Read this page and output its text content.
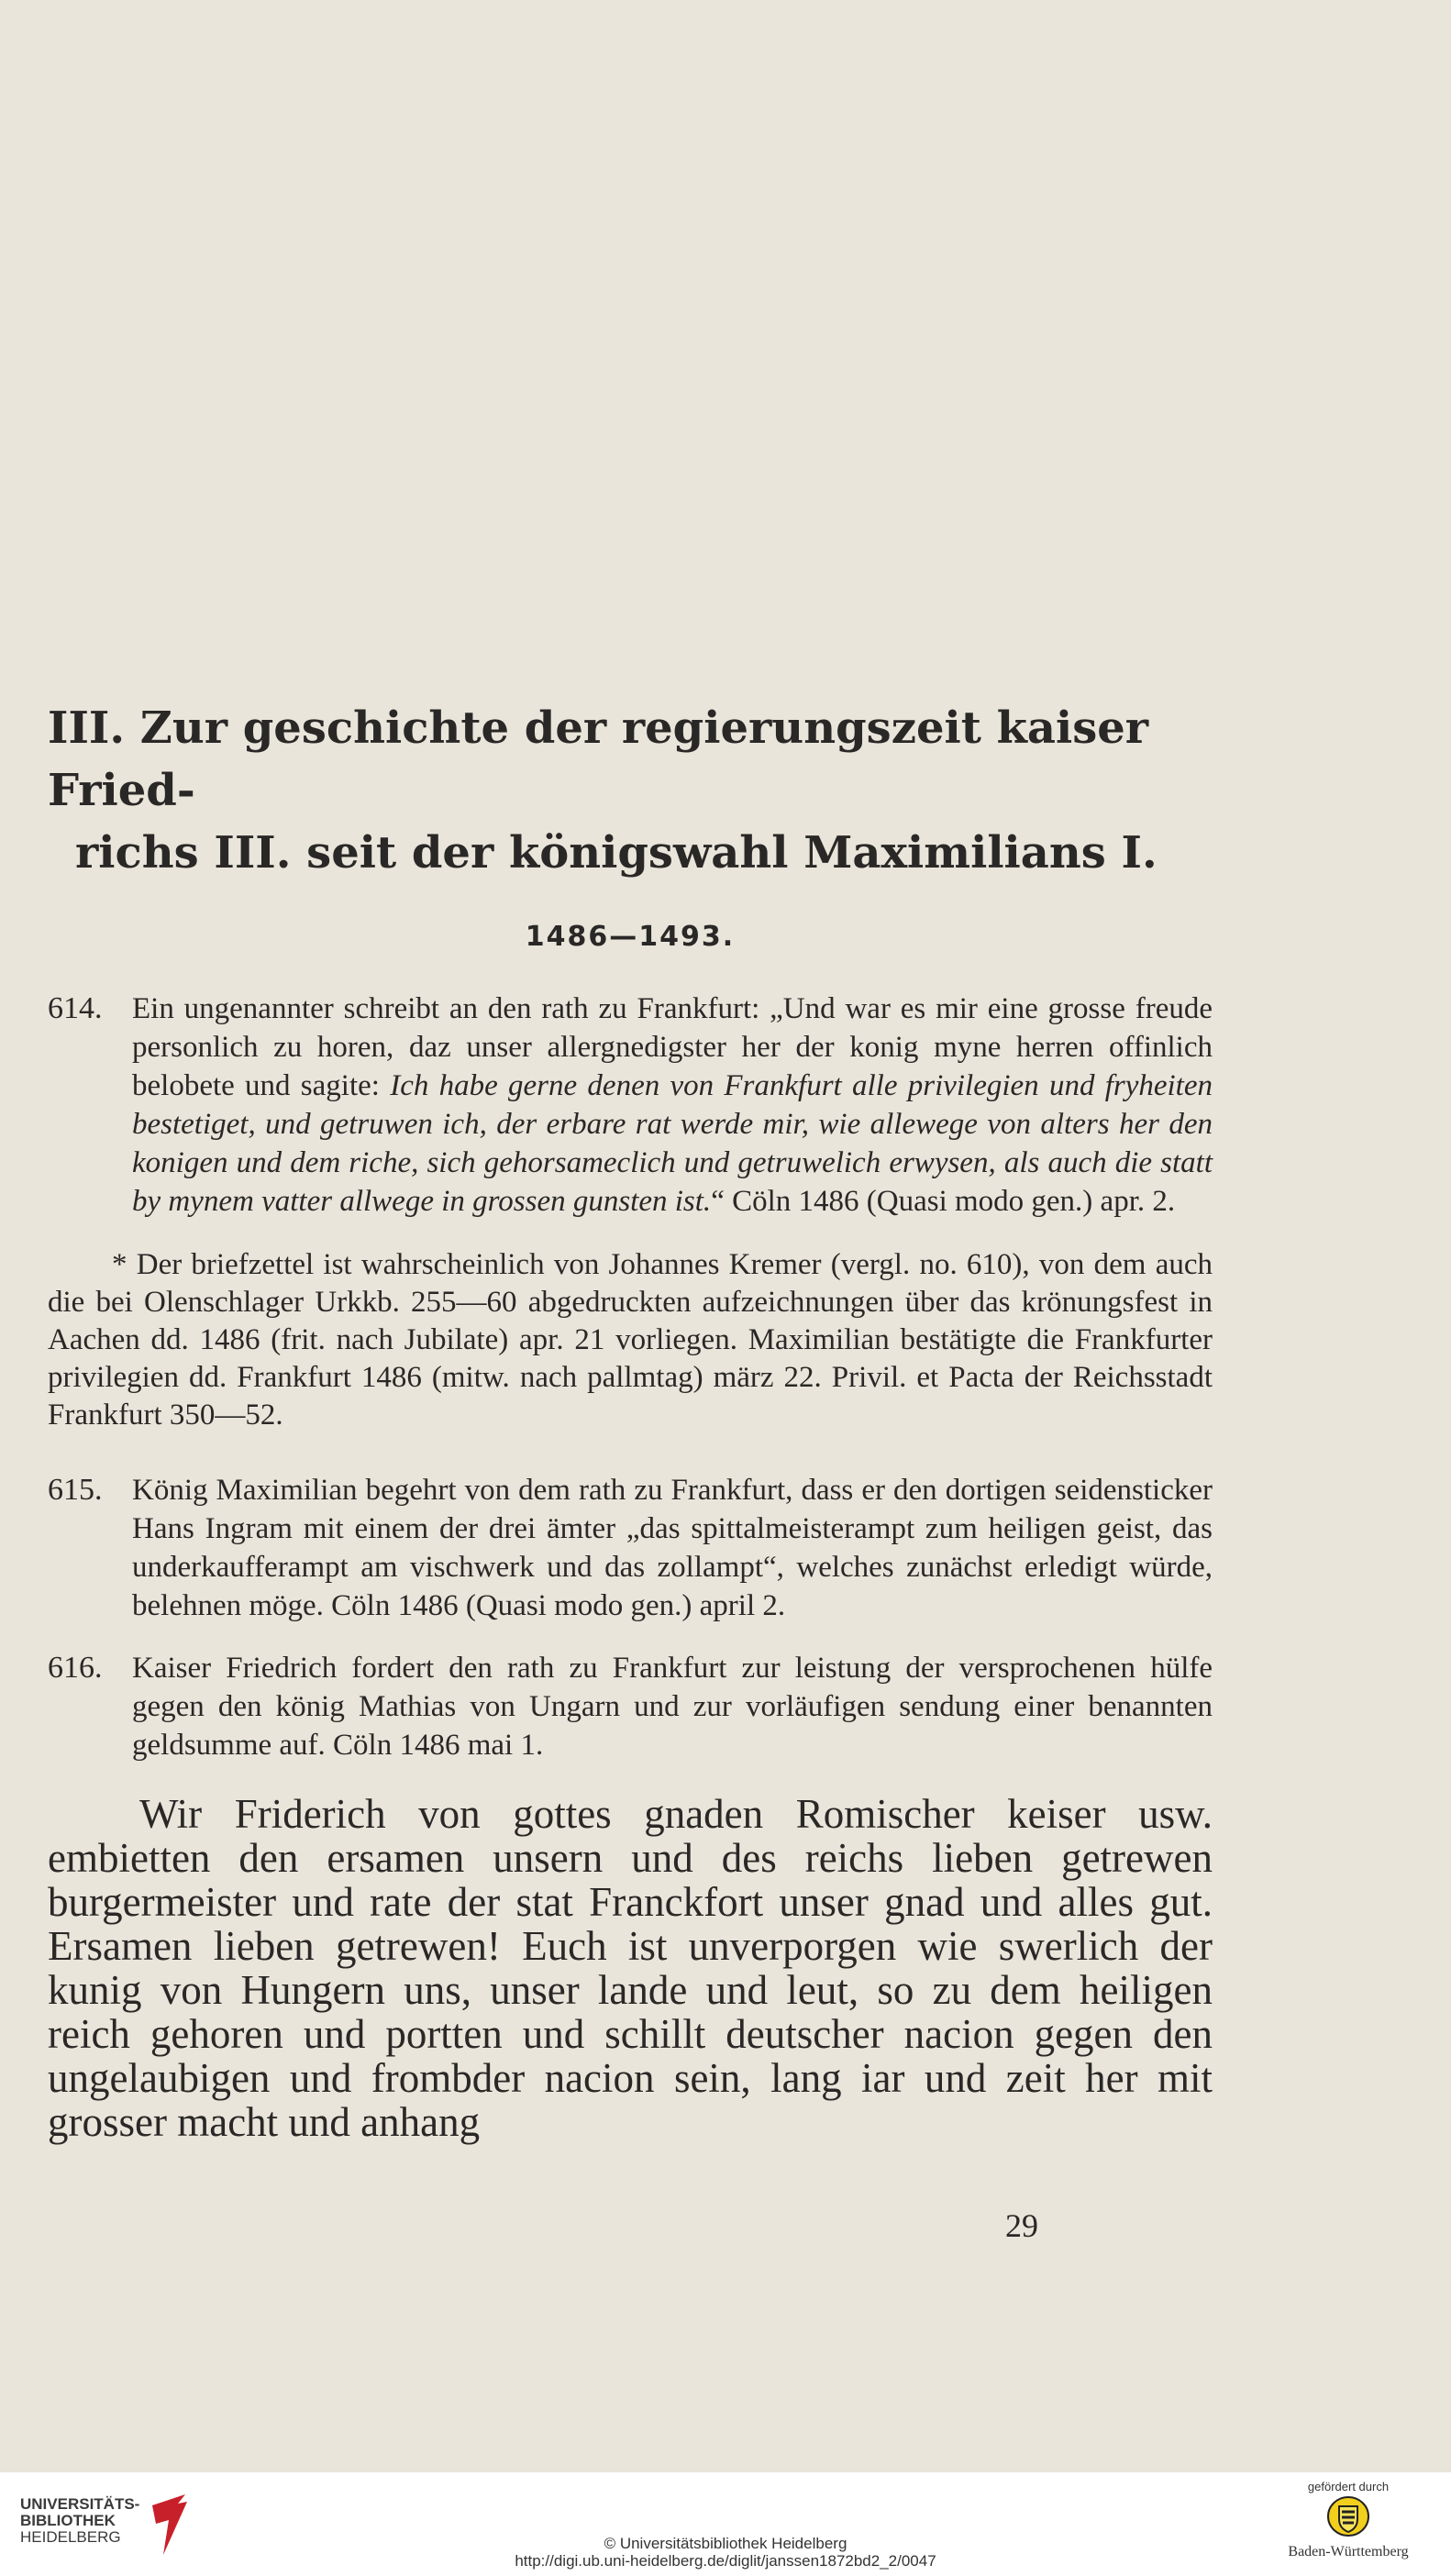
III. Zur geschichte der regierungszeit kaiser Fried-
richs III. seit der königswahl Maximilians I.
1486—1493.
614. Ein ungenannter schreibt an den rath zu Frankfurt: „Und war es mir eine grosse freude personlich zu horen, daz unser allergnedigster her der konig myne herren offinlich belobete und sagite: Ich habe gerne denen von Frankfurt alle privilegien und fryheiten bestetiget, und getruwen ich, der erbare rat werde mir, wie allewege von alters her den konigen und dem riche, sich gehorsameclich und getruwelich erwysen, als auch die statt by mynem vatter allwege in grossen gunsten ist.“ Cöln 1486 (Quasi modo gen.) apr. 2.
* Der briefzettel ist wahrscheinlich von Johannes Kremer (vergl. no. 610), von dem auch die bei Olenschlager Urkkb. 255—60 abgedruckten aufzeichnungen über das krönungsfest in Aachen dd. 1486 (frit. nach Jubilate) apr. 21 vorliegen. Maximilian bestätigte die Frankfurter privilegien dd. Frankfurt 1486 (mitw. nach pallmtag) märz 22. Privil. et Pacta der Reichsstadt Frankfurt 350—52.
615. König Maximilian begehrt von dem rath zu Frankfurt, dass er den dortigen seidensticker Hans Ingram mit einem der drei ämter „das spittalmeisterampt zum heiligen geist, das underkaufferampt am vischwerk und das zollampt“, welches zunächst erledigt würde, belehnen möge. Cöln 1486 (Quasi modo gen.) april 2.
616. Kaiser Friedrich fordert den rath zu Frankfurt zur leistung der versprochenen hülfe gegen den könig Mathias von Ungarn und zur vorläufigen sendung einer benannten geldsumme auf. Cöln 1486 mai 1.
Wir Friderich von gottes gnaden Romischer keiser usw. embietten den ersamen unsern und des reichs lieben getrewen burgermeister und rate der stat Franckfort unser gnad und alles gut. Ersamen lieben getrewen! Euch ist unverporgen wie swerlich der kunig von Hungern uns, unser lande und leut, so zu dem heiligen reich gehoren und portten und schillt deutscher nacion gegen den ungelaubigen und frombder nacion sein, lang iar und zeit her mit grosser macht und anhang
29
UNIVERSITÄTS-
BIBLIOTHEK
HEIDELBERG	© Universitätsbibliothek Heidelberg
http://digi.ub.uni-heidelberg.de/diglit/janssen1872bd2_2/0047
gefördert durch
Baden-Württemberg
